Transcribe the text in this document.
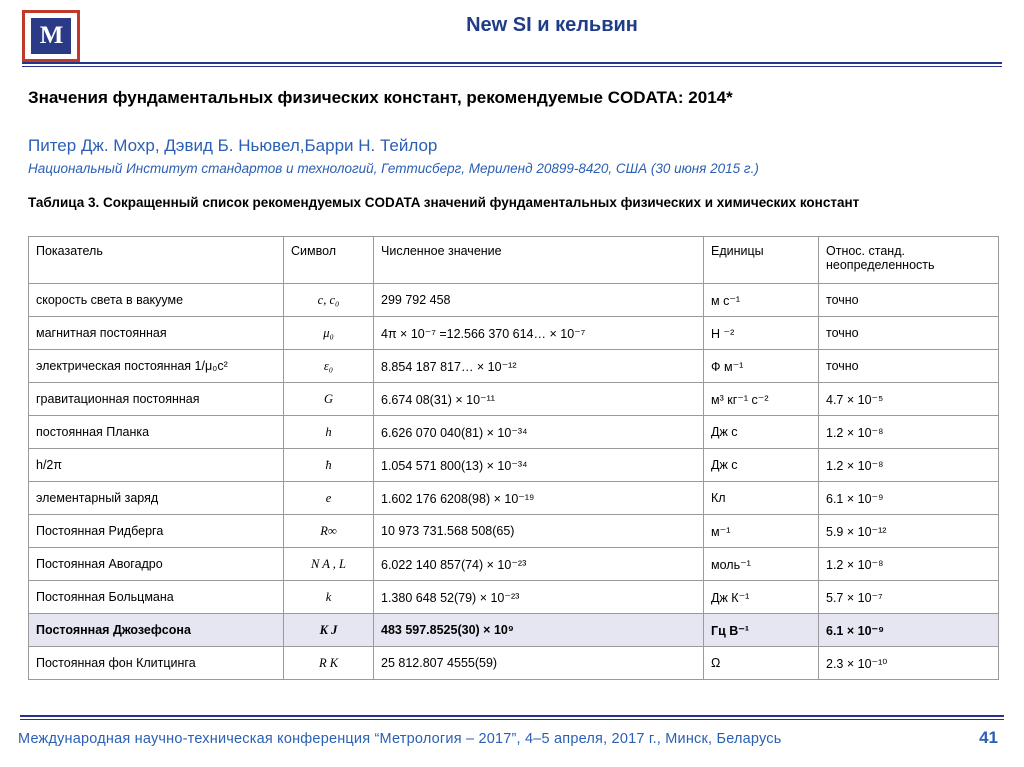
M	New SI и кельвин
Значения фундаментальных физических констант, рекомендуемые CODATA: 2014*
Питер Дж. Мохр, Дэвид Б. Ньювел,Барри Н. Тейлор
Национальный Институт стандартов и технологий, Геттисберг, Мериленд 20899-8420, США (30 июня 2015 г.)
Таблица 3. Сокращенный список рекомендуемых CODATA значений фундаментальных физических и химических констант
Показатель	Символ	Численное значение	Единицы	Относ. станд. неопределенность
скорость света в вакууме	c, c₀	299 792 458	м с⁻¹	точно
магнитная постоянная	μ₀	4π × 10⁻⁷ =12.566 370 614… × 10⁻⁷	Н ⁻²	точно
электрическая постоянная 1/μ₀c²	ε₀	8.854 187 817… × 10⁻¹²	Ф м⁻¹	точно
гравитационная постоянная	G	6.674 08(31) × 10⁻¹¹	м³ кг⁻¹ с⁻²	4.7 × 10⁻⁵
постоянная Планка	h	6.626 070 040(81) × 10⁻³⁴	Дж с	1.2 × 10⁻⁸
h/2π	ħ	1.054 571 800(13) × 10⁻³⁴	Дж с	1.2 × 10⁻⁸
элементарный заряд	e	1.602 176 6208(98) × 10⁻¹⁹	Кл	6.1 × 10⁻⁹
Постоянная Ридберга	R∞	10 973 731.568 508(65)	м⁻¹	5.9 × 10⁻¹²
Постоянная Авогадро	N A , L	6.022 140 857(74) × 10⁻²³	моль⁻¹	1.2 × 10⁻⁸
Постоянная Больцмана	k	1.380 648 52(79) × 10⁻²³	Дж К⁻¹	5.7 × 10⁻⁷
Постоянная Джозефсона	K J	483 597.8525(30) × 10⁹	Гц В⁻¹	6.1 × 10⁻⁹
Постоянная фон Клитцинга	R K	25 812.807 4555(59)	Ω	2.3 × 10⁻¹⁰
Международная научно-техническая конференция “Метрология – 2017”, 4–5 апреля, 2017 г., Минск, Беларусь	41
